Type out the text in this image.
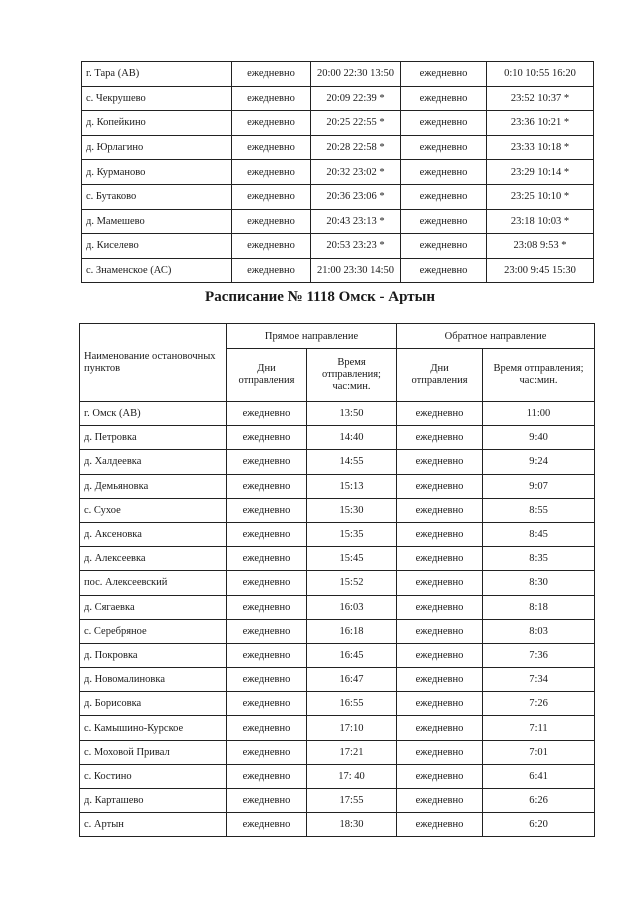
г. Тара (АВ)	ежедневно	20:00 22:30 13:50	ежедневно	0:10 10:55 16:20
с. Чекрушево	ежедневно	20:09 22:39 *	ежедневно	23:52 10:37 *
д. Копейкино	ежедневно	20:25 22:55 *	ежедневно	23:36 10:21 *
д. Юрлагино	ежедневно	20:28 22:58 *	ежедневно	23:33 10:18 *
д. Курманово	ежедневно	20:32 23:02 *	ежедневно	23:29 10:14 *
с. Бутаково	ежедневно	20:36 23:06 *	ежедневно	23:25 10:10 *
д. Мамешево	ежедневно	20:43 23:13 *	ежедневно	23:18 10:03 *
д. Киселево	ежедневно	20:53 23:23 *	ежедневно	23:08 9:53 *
с. Знаменское (АС)	ежедневно	21:00 23:30 14:50	ежедневно	23:00 9:45 15:30
Расписание № 1118 Омск - Артын
Наименование остановочных пунктов	Прямое направление		Обратное направление	
	Дни отправления	Время отправления; час:мин.	Дни отправления	Время отправления; час:мин.
г. Омск (АВ)	ежедневно	13:50	ежедневно	11:00
д. Петровка	ежедневно	14:40	ежедневно	9:40
д. Халдеевка	ежедневно	14:55	ежедневно	9:24
д. Демьяновка	ежедневно	15:13	ежедневно	9:07
с. Сухое	ежедневно	15:30	ежедневно	8:55
д. Аксеновка	ежедневно	15:35	ежедневно	8:45
д. Алексеевка	ежедневно	15:45	ежедневно	8:35
пос. Алексеевский	ежедневно	15:52	ежедневно	8:30
д. Сягаевка	ежедневно	16:03	ежедневно	8:18
с. Серебряное	ежедневно	16:18	ежедневно	8:03
д. Покровка	ежедневно	16:45	ежедневно	7:36
д. Новомалиновка	ежедневно	16:47	ежедневно	7:34
д. Борисовка	ежедневно	16:55	ежедневно	7:26
с. Камышино-Курское	ежедневно	17:10	ежедневно	7:11
с. Моховой Привал	ежедневно	17:21	ежедневно	7:01
с. Костино	ежедневно	17: 40	ежедневно	6:41
д. Карташево	ежедневно	17:55	ежедневно	6:26
с. Артын	ежедневно	18:30	ежедневно	6:20
